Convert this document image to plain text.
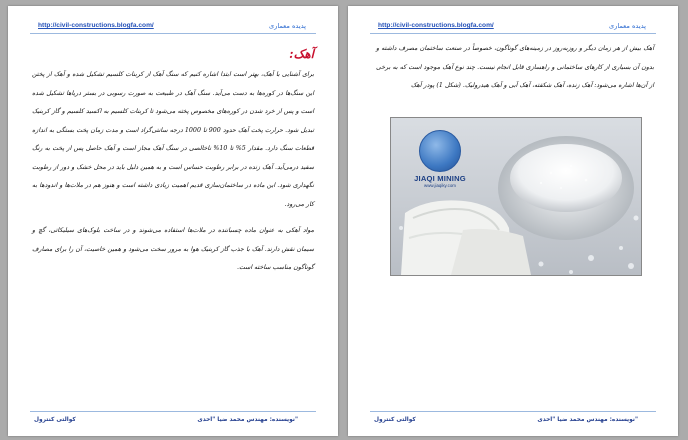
http://civil-constructions.blogfa.com/	پدیده معماری
آهک:

برای آشنایی با آهک، بهتر است ابتدا اشاره کنیم که سنگ آهک از کربنات کلسیم تشکیل شده و آهک از پختن این سنگ‌ها در کوره‌ها به دست می‌آید. سنگ آهک در طبیعت به صورت رسوبی در بستر دریاها تشکیل شده است و پس از خرد شدن در کوره‌های مخصوص پخته می‌شود تا کربنات کلسیم به اکسید کلسیم و گاز کربنیک تبدیل شود. حرارت پخت آهک حدود 900 تا 1000 درجه سانتی‌گراد است و مدت زمان پخت بستگی به اندازه قطعات سنگ دارد. مقدار 5% تا 10% ناخالصی در سنگ آهک مجاز است و آهک حاصل پس از پخت به رنگ سفید درمی‌آید. آهک زنده در برابر رطوبت حساس است و به همین دلیل باید در محل خشک و دور از رطوبت نگهداری شود. این ماده در ساختمان‌سازی قدیم اهمیت زیادی داشته است و هنوز هم در ملات‌ها و اندودها به کار می‌رود.

مواد آهکی به عنوان ماده چسباننده در ملات‌ها استفاده می‌شوند و در ساخت بلوک‌های سیلیکاتی، گچ و سیمان نقش دارند. آهک با جذب گاز کربنیک هوا به مرور سخت می‌شود و همین خاصیت، آن را برای مصارف گوناگون مناسب ساخته است.

کوالتی کنترول	نویسنده: مهندس محمد ضیا "احدی"
http://civil-constructions.blogfa.com/	پدیده معماری

آهک بیش از هر زمان دیگر و روزبه‌روز در زمینه‌های گوناگون، خصوصاً در صنعت ساختمان مصرف داشته و بدون آن بسیاری از کارهای ساختمانی و راهسازی قابل انجام نیست. چند نوع آهک موجود است که به برخی از آن‌ها اشاره می‌شود: آهک زنده، آهک شکفته، آهک آبی و آهک هیدرولیک. (شکل 1) پودر آهک

JIAQI MINING
www.jiaqiky.com
کوالتی کنترول	نویسنده: مهندس محمد ضیا "احدی"
